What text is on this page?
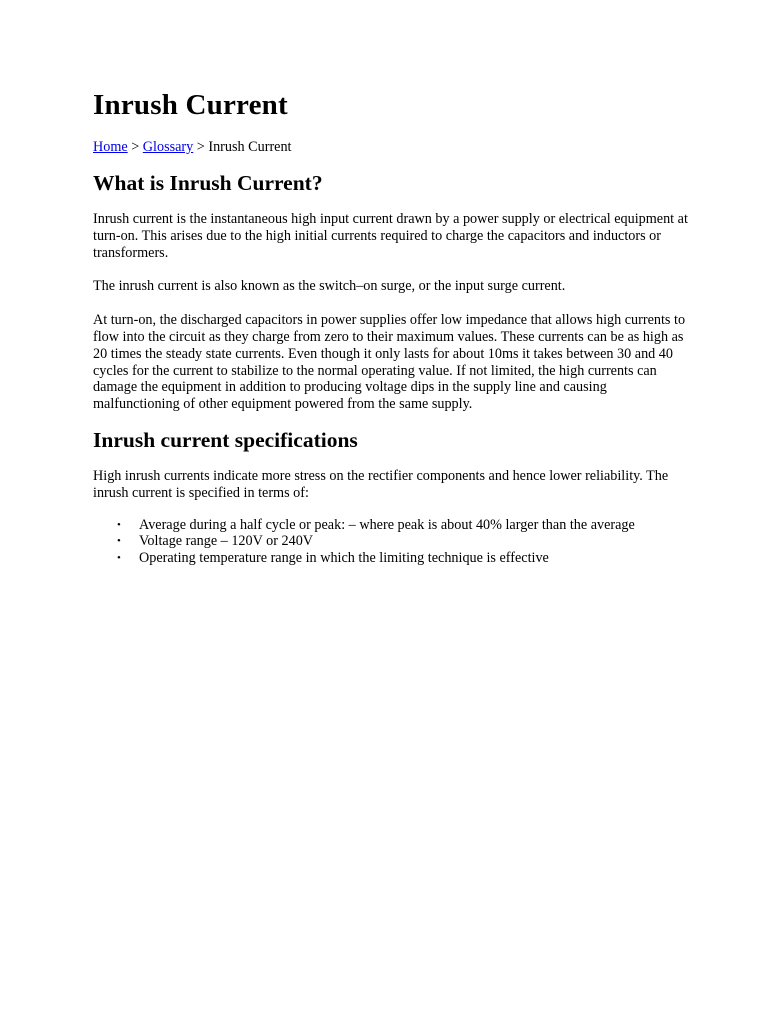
Inrush Current
Home > Glossary > Inrush Current
What is Inrush Current?

Inrush current is the instantaneous high input current drawn by a power supply or electrical equipment at turn-on. This arises due to the high initial currents required to charge the capacitors and inductors or transformers.

The inrush current is also known as the switch–on surge, or the input surge current.

At turn-on, the discharged capacitors in power supplies offer low impedance that allows high currents to flow into the circuit as they charge from zero to their maximum values. These currents can be as high as 20 times the steady state currents. Even though it only lasts for about 10ms it takes between 30 and 40 cycles for the current to stabilize to the normal operating value. If not limited, the high currents can damage the equipment in addition to producing voltage dips in the supply line and causing malfunctioning of other equipment powered from the same supply.

Inrush current specifications

High inrush currents indicate more stress on the rectifier components and hence lower reliability. The inrush current is specified in terms of:

• Average during a half cycle or peak: – where peak is about 40% larger than the average
• Voltage range – 120V or 240V
• Operating temperature range in which the limiting technique is effective
